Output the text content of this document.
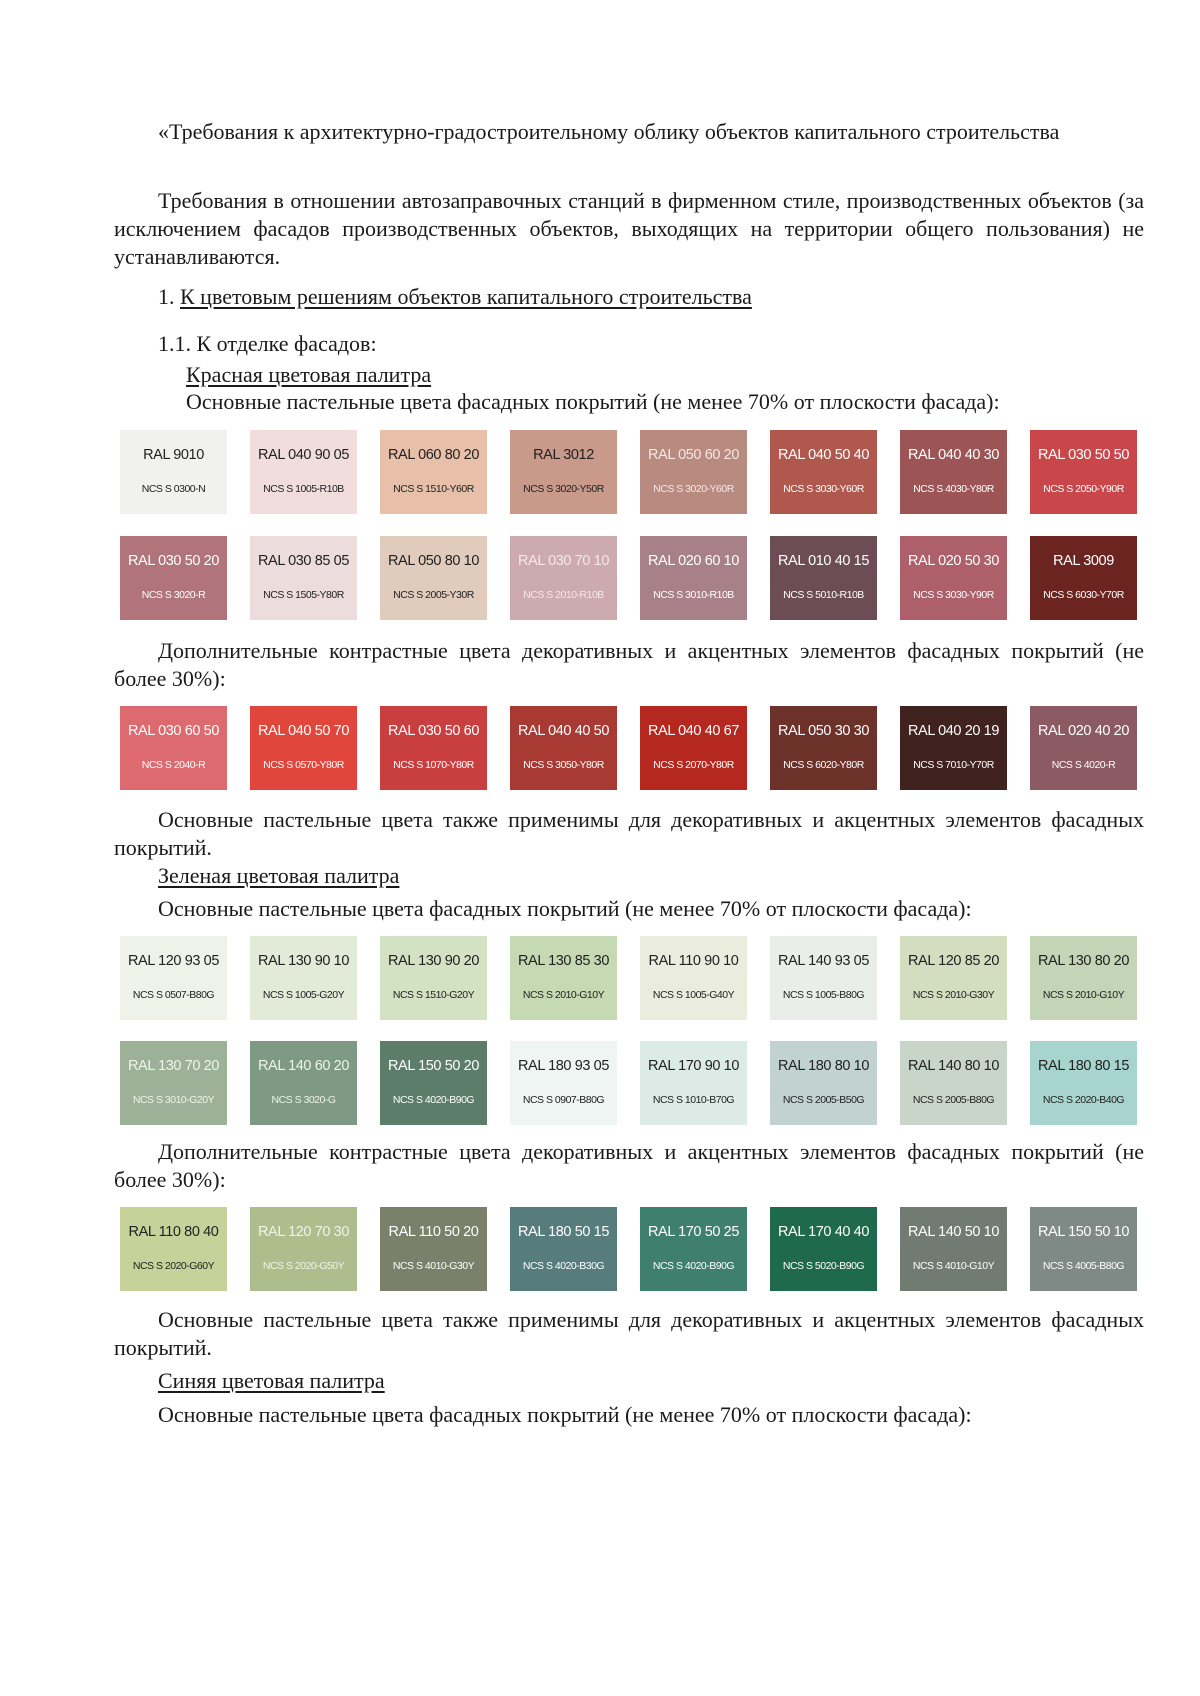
«Требования к архитектурно-градостроительному облику объектов капитального строительства

Требования в отношении автозаправочных станций в фирменном стиле, производственных объектов (за исключением фасадов производственных объектов, выходящих на территории общего пользования) не устанавливаются.

1. К цветовым решениям объектов капитального строительства
1.1. К отделке фасадов:
Красная цветовая палитра
Основные пастельные цвета фасадных покрытий (не менее 70% от плоскости фасада):
RAL 9010
NCS S 0300-N
RAL 040 90 05
NCS S 1005-R10B
RAL 060 80 20
NCS S 1510-Y60R
RAL 3012
NCS S 3020-Y50R
RAL 050 60 20
NCS S 3020-Y60R
RAL 040 50 40
NCS S 3030-Y60R
RAL 040 40 30
NCS S 4030-Y80R
RAL 030 50 50
NCS S 2050-Y90R
RAL 030 50 20
NCS S 3020-R
RAL 030 85 05
NCS S 1505-Y80R
RAL 050 80 10
NCS S 2005-Y30R
RAL 030 70 10
NCS S 2010-R10B
RAL 020 60 10
NCS S 3010-R10B
RAL 010 40 15
NCS S 5010-R10B
RAL 020 50 30
NCS S 3030-Y90R
RAL 3009
NCS S 6030-Y70R

Дополнительные контрастные цвета декоративных и акцентных элементов фасадных покрытий (не более 30%):

RAL 030 60 50
NCS S 2040-R
RAL 040 50 70
NCS S 0570-Y80R
RAL 030 50 60
NCS S 1070-Y80R
RAL 040 40 50
NCS S 3050-Y80R
RAL 040 40 67
NCS S 2070-Y80R
RAL 050 30 30
NCS S 6020-Y80R
RAL 040 20 19
NCS S 7010-Y70R
RAL 020 40 20
NCS S 4020-R

Основные пастельные цвета также применимы для декоративных и акцентных элементов фасадных покрытий.

Зеленая цветовая палитра
Основные пастельные цвета фасадных покрытий (не менее 70% от плоскости фасада):
RAL 120 93 05
NCS S 0507-B80G
RAL 130 90 10
NCS S 1005-G20Y
RAL 130 90 20
NCS S 1510-G20Y
RAL 130 85 30
NCS S 2010-G10Y
RAL 110 90 10
NCS S 1005-G40Y
RAL 140 93 05
NCS S 1005-B80G
RAL 120 85 20
NCS S 2010-G30Y
RAL 130 80 20
NCS S 2010-G10Y
RAL 130 70 20
NCS S 3010-G20Y
RAL 140 60 20
NCS S 3020-G
RAL 150 50 20
NCS S 4020-B90G
RAL 180 93 05
NCS S 0907-B80G
RAL 170 90 10
NCS S 1010-B70G
RAL 180 80 10
NCS S 2005-B50G
RAL 140 80 10
NCS S 2005-B80G
RAL 180 80 15
NCS S 2020-B40G

Дополнительные контрастные цвета декоративных и акцентных элементов фасадных покрытий (не более 30%):

RAL 110 80 40
NCS S 2020-G60Y
RAL 120 70 30
NCS S 2020-G50Y
RAL 110 50 20
NCS S 4010-G30Y
RAL 180 50 15
NCS S 4020-B30G
RAL 170 50 25
NCS S 4020-B90G
RAL 170 40 40
NCS S 5020-B90G
RAL 140 50 10
NCS S 4010-G10Y
RAL 150 50 10
NCS S 4005-B80G

Основные пастельные цвета также применимы для декоративных и акцентных элементов фасадных покрытий.

Синяя цветовая палитра
Основные пастельные цвета фасадных покрытий (не менее 70% от плоскости фасада):
